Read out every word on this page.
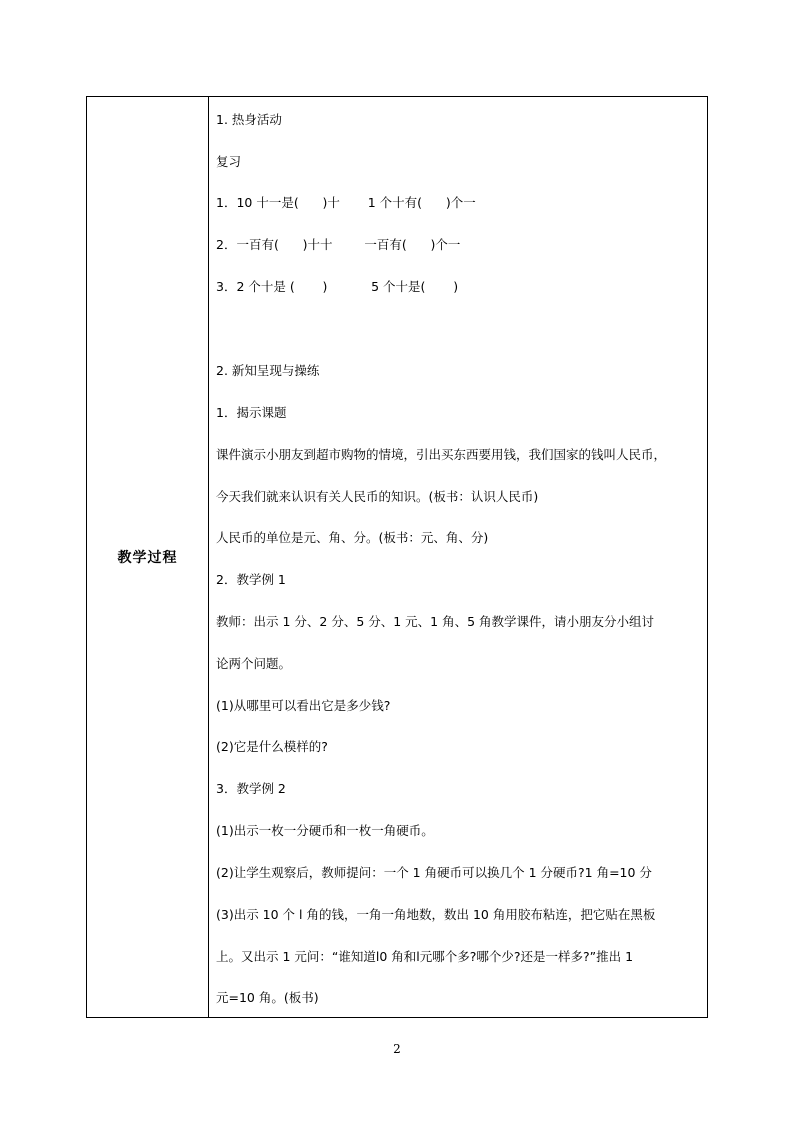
教学过程
1. 热身活动
复习
1．10 十一是(      )十       1 个十有(      )个一
2．一百有(      )十十        一百有(      )个一
3．2 个十是 (       )           5 个十是(       )
2. 新知呈现与操练
1．揭示课题
课件演示小朋友到超市购物的情境，引出买东西要用钱，我们国家的钱叫人民币，
今天我们就来认识有关人民币的知识。(板书：认识人民币)
人民币的单位是元、角、分。(板书：元、角、分)
2．教学例 1
教师：出示 1 分、2 分、5 分、1 元、1 角、5 角教学课件，请小朋友分小组讨
论两个问题。
(1)从哪里可以看出它是多少钱?
(2)它是什么模样的?
3．教学例 2
(1)出示一枚一分硬币和一枚一角硬币。
(2)让学生观察后，教师提问：一个 1 角硬币可以换几个 1 分硬币?1 角=10 分
(3)出示 10 个 l 角的钱，一角一角地数，数出 10 角用胶布粘连，把它贴在黑板
上。又出示 1 元问：“谁知道l0 角和l元哪个多?哪个少?还是一样多?”推出 1
元=10 角。(板书)
2
